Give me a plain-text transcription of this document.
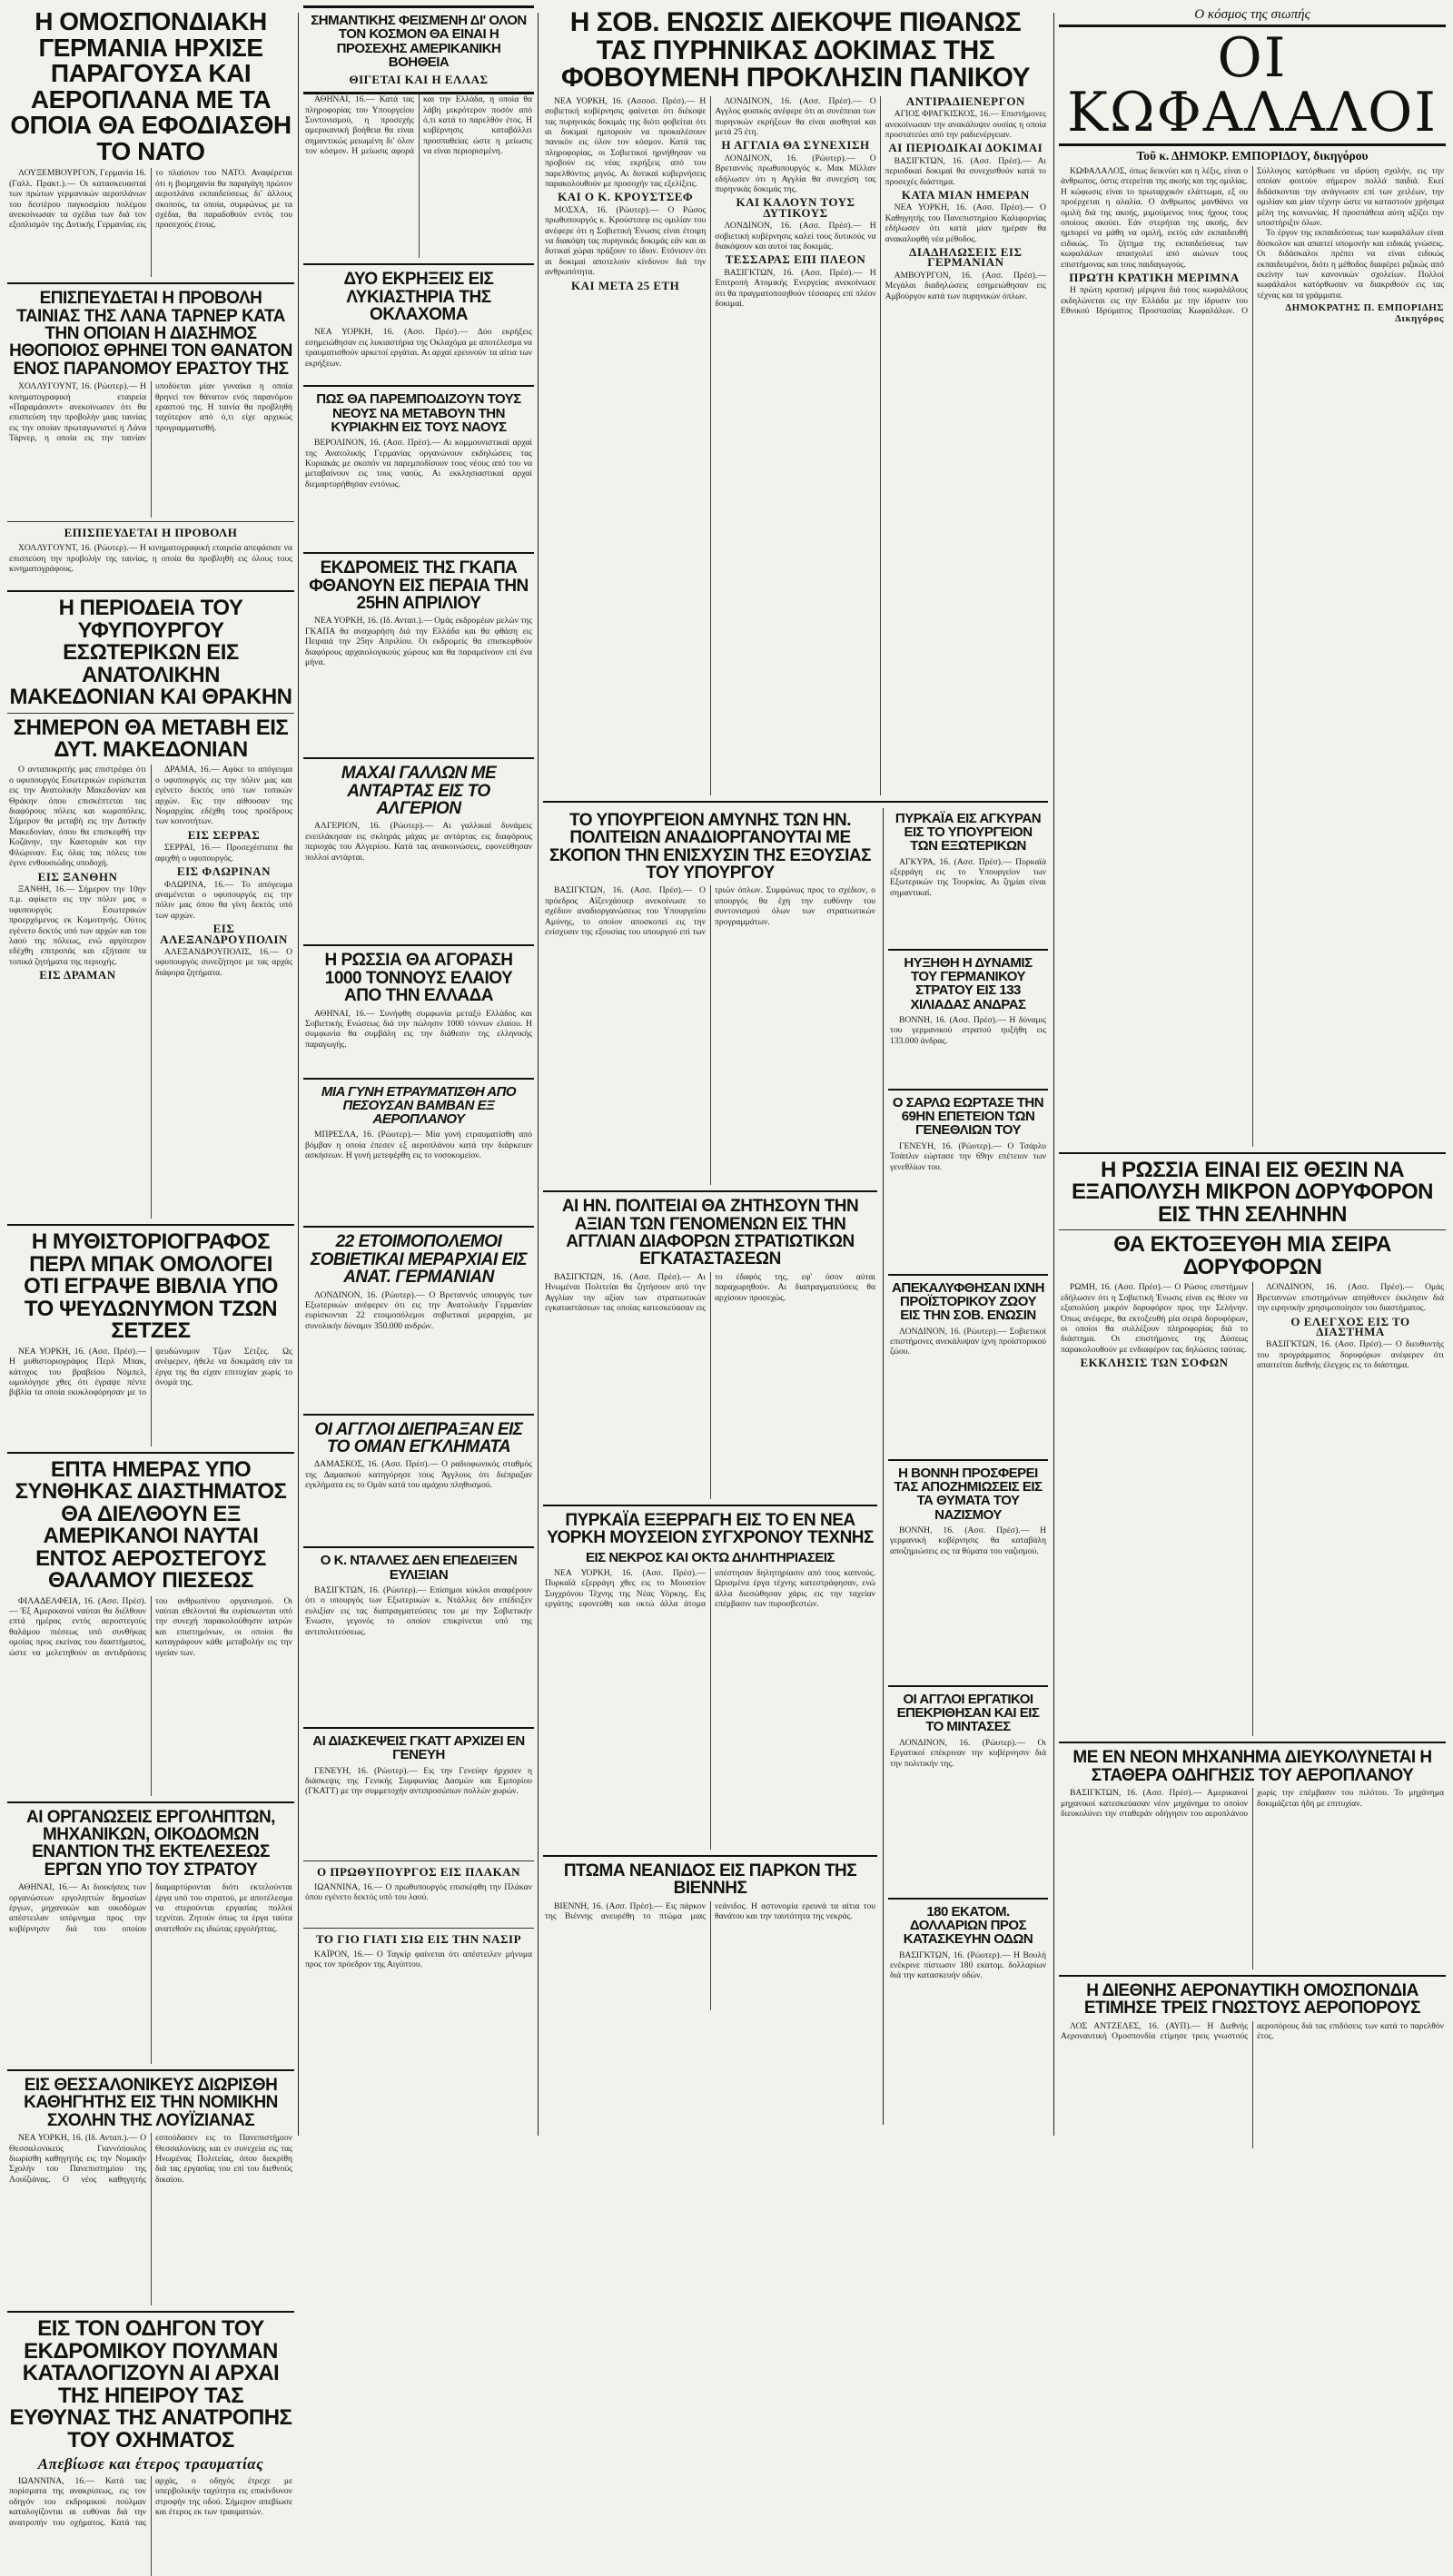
Η ΟΜΟΣΠΟΝΔΙΑΚΗ ΓΕΡΜΑΝΙΑ ΗΡΧΙΣΕ ΠΑΡΑΓΟΥΣΑ ΚΑΙ ΑΕΡΟΠΛΑΝΑ ΜΕ ΤΑ ΟΠΟΙΑ ΘΑ ΕΦΟΔΙΑΣΘΗ ΤΟ ΝΑΤΟ

ΛΟΥΞΕΜΒΟΥΡΓΟΝ, Γερμανία 16. (Γαλλ. Πρακτ.).— Οι κατασκευασταί των πρώτων γερμανικών αεροπλάνων του δευτέρου παγκοσμίου πολέμου ανεκοίνωσαν τα σχέδια των διά τον εξοπλισμόν της Δυτικής Γερμανίας εις το πλαίσιον του ΝΑΤΟ. Αναφέρεται ότι η βιομηχανία θα παραγάγη πρώτον αεροπλάνα εκπαιδεύσεως δι' άλλους σκοπούς, τα οποία, συμφώνως με τα σχέδια, θα παραδοθούν εντός του προσεχούς έτους.

ΕΠΙΣΠΕΥΔΕΤΑΙ Η ΠΡΟΒΟΛΗ ΤΑΙΝΙΑΣ ΤΗΣ ΛΑΝΑ ΤΑΡΝΕΡ ΚΑΤΑ ΤΗΝ ΟΠΟΙΑΝ Η ΔΙΑΣΗΜΟΣ ΗΘΟΠΟΙΟΣ ΘΡΗΝΕΙ ΤΟΝ ΘΑΝΑΤΟΝ ΕΝΟΣ ΠΑΡΑΝΟΜΟΥ ΕΡΑΣΤΟΥ ΤΗΣ

ΧΟΛΛΥΓΟΥΝΤ, 16. (Ρώυτερ).— Η κινηματογραφική εταιρεία «Παραμάουντ» ανεκοίνωσεν ότι θα επισπεύση την προβολήν μιας ταινίας εις την οποίαν πρωταγωνιστεί η Λάνα Τάρνερ, η οποία εις την ταινίαν υποδύεται μίαν γυναίκα η οποία θρηνεί τον θάνατον ενός παρανόμου εραστού της. Η ταινία θα προβληθή ταχύτερον από ό,τι είχε αρχικώς προγραμματισθή.

ΕΠΙΣΠΕΥΔΕΤΑΙ Η ΠΡΟΒΟΛΗ

ΧΟΛΛΥΓΟΥΝΤ, 16. (Ρώυτερ).— Η κινηματογραφική εταιρεία απεφάσισε να επισπεύση την προβολήν της ταινίας, η οποία θα προβληθή εις όλους τους κινηματογράφους.

Η ΠΕΡΙΟΔΕΙΑ ΤΟΥ ΥΦΥΠΟΥΡΓΟΥ ΕΣΩΤΕΡΙΚΩΝ ΕΙΣ ΑΝΑΤΟΛΙΚΗΝ ΜΑΚΕΔΟΝΙΑΝ ΚΑΙ ΘΡΑΚΗΝ
ΣΗΜΕΡΟΝ ΘΑ ΜΕΤΑΒΗ ΕΙΣ ΔΥΤ. ΜΑΚΕΔΟΝΙΑΝ

Ο ανταποκριτής μας επιστρέφει ότι ο υφυπουργός Εσωτερικών ευρίσκεται εις την Ανατολικήν Μακεδονίαν και Θράκην όπου επισκέπτεται τας διαφόρους πόλεις και κωμοπόλεις. Σήμερον θα μεταβή εις την Δυτικήν Μακεδονίαν, όπου θα επισκεφθή την Κοζάνην, την Καστοριάν και την Φλώριναν. Εις όλας τας πόλεις του έγινε ενθουσιώδης υποδοχή.

ΕΙΣ ΞΑΝΘΗΝ

ΞΑΝΘΗ, 16.— Σήμερον την 10ην π.μ. αφίκετο εις την πόλιν μας ο υφυπουργός Εσωτερικών προερχόμενος εκ Κομοτηνής. Ούτος εγένετο δεκτός υπό των αρχών και του λαού της πόλεως, ενώ αργότερον εδέχθη επιτροπάς και εξήτασε τα τοπικά ζητήματα της περιοχής.

ΕΙΣ ΔΡΑΜΑΝ

ΔΡΑΜΑ, 16.— Αφίκε το απόγευμα ο υφυπουργός εις την πόλιν μας και εγένετο δεκτός υπό των τοπικών αρχών. Εις την αίθουσαν της Νομαρχίας εδέχθη τους προέδρους των κοινοτήτων.

ΕΙΣ ΣΕΡΡΑΣ

ΣΕΡΡΑΙ, 16.— Προσεχέστατα θα αφιχθή ο υφυπουργός.

ΕΙΣ ΦΛΩΡΙΝΑΝ

ΦΛΩΡΙΝΑ, 16.— Το απόγευμα αναμένεται ο υφυπουργός εις την πόλιν μας όπου θα γίνη δεκτός υπό των αρχών.

ΕΙΣ ΑΛΕΞΑΝΔΡΟΥΠΟΛΙΝ

ΑΛΕΞΑΝΔΡΟΥΠΟΛΙΣ, 16.— Ο υφυπουργός συνεζήτησε με τας αρχάς διάφορα ζητήματα.

Η ΜΥΘΙΣΤΟΡΙΟΓΡΑΦΟΣ ΠΕΡΛ ΜΠΑΚ ΟΜΟΛΟΓΕΙ ΟΤΙ ΕΓΡΑΨΕ ΒΙΒΛΙΑ ΥΠΟ ΤΟ ΨΕΥΔΩΝΥΜΟΝ ΤΖΩΝ ΣΕΤΖΕΣ

ΝΕΑ ΥΟΡΚΗ, 16. (Ασσ. Πρέσ).— Η μυθιστοριογράφος Περλ Μπακ, κάτοχος του βραβείου Νόμπελ, ωμολόγησε χθες ότι έγραψε πέντε βιβλία τα οποία εκυκλοφόρησαν με το ψευδώνυμον Τζων Σέτζες. Ως ανέφερεν, ήθελε να δοκιμάση εάν τα έργα της θα είχαν επιτυχίαν χωρίς το όνομά της.

ΕΠΤΑ ΗΜΕΡΑΣ ΥΠΟ ΣΥΝΘΗΚΑΣ ΔΙΑΣΤΗΜΑΤΟΣ ΘΑ ΔΙΕΛΘΟΥΝ ΕΞ ΑΜΕΡΙΚΑΝΟΙ ΝΑΥΤΑΙ ΕΝΤΟΣ ΑΕΡΟΣΤΕΓΟΥΣ ΘΑΛΑΜΟΥ ΠΙΕΣΕΩΣ

ΦΙΛΑΔΕΛΦΕΙΑ, 16. (Ασσ. Πρέσ).— Έξ Αμερικανοί ναύται θα διέλθουν επτά ημέρας εντός αεροστεγούς θαλάμου πιέσεως υπό συνθήκας ομοίας προς εκείνας του διαστήματος, ώστε να μελετηθούν αι αντιδράσεις του ανθρωπίνου οργανισμού. Οι ναύται εθελονταί θα ευρίσκωνται υπό την συνεχή παρακολούθησιν ιατρών και επιστημόνων, οι οποίοι θα καταγράφουν κάθε μεταβολήν εις την υγείαν των.

ΑΙ ΟΡΓΑΝΩΣΕΙΣ ΕΡΓΟΛΗΠΤΩΝ, ΜΗΧΑΝΙΚΩΝ, ΟΙΚΟΔΟΜΩΝ ΕΝΑΝΤΙΟΝ ΤΗΣ ΕΚΤΕΛΕΣΕΩΣ ΕΡΓΩΝ ΥΠΟ ΤΟΥ ΣΤΡΑΤΟΥ

ΑΘΗΝΑΙ, 16.— Αι διοικήσεις των οργανώσεων εργοληπτών δημοσίων έργων, μηχανικών και οικοδόμων απέστειλαν υπόμνημα προς την κυβέρνησιν διά του οποίου διαμαρτύρονται διότι εκτελούνται έργα υπό του στρατού, με αποτέλεσμα να στερούνται εργασίας πολλοί τεχνίται. Ζητούν όπως τα έργα ταύτα ανατεθούν εις ιδιώτας εργολήπτας.

ΕΙΣ ΘΕΣΣΑΛΟΝΙΚΕΥΣ ΔΙΩΡΙΣΘΗ ΚΑΘΗΓΗΤΗΣ ΕΙΣ ΤΗΝ ΝΟΜΙΚΗΝ ΣΧΟΛΗΝ ΤΗΣ ΛΟΥΪΖΙΑΝΑΣ

ΝΕΑ ΥΟΡΚΗ, 16. (Ιδ. Ανταπ.).— Ο Θεσσαλονικεύς Γιαννόπουλος διωρίσθη καθηγητής εις την Νομικήν Σχολήν του Πανεπιστημίου της Λουϊζιάνας. Ο νέος καθηγητής εσπούδασεν εις το Πανεπιστήμιον Θεσσαλονίκης και εν συνεχεία εις τας Ηνωμένας Πολιτείας, όπου διεκρίθη διά τας εργασίας του επί του διεθνούς δικαίου.

ΕΙΣ ΤΟΝ ΟΔΗΓΟΝ ΤΟΥ ΕΚΔΡΟΜΙΚΟΥ ΠΟΥΛΜΑΝ ΚΑΤΑΛΟΓΙΖΟΥΝ ΑΙ ΑΡΧΑΙ ΤΗΣ ΗΠΕΙΡΟΥ ΤΑΣ ΕΥΘΥΝΑΣ ΤΗΣ ΑΝΑΤΡΟΠΗΣ ΤΟΥ ΟΧΗΜΑΤΟΣ
Απεβίωσε και έτερος τραυματίας

ΙΩΑΝΝΙΝΑ, 16.— Κατά τας πορίσματα της ανακρίσεως, εις τον οδηγόν του εκδρομικού πούλμαν καταλογίζονται αι ευθύναι διά την ανατροπήν του οχήματος. Κατά τας αρχάς, ο οδηγός έτρεχε με υπερβολικήν ταχύτητα εις επικίνδυνον στροφήν της οδού. Σήμερον απεβίωσε και έτερος εκ των τραυματιών.

ΣΗΜΑΝΤΙΚΗΣ ΦΕΙΣΜΕΝΗ ΔΙ' ΟΛΟΝ ΤΟΝ ΚΟΣΜΟΝ ΘΑ ΕΙΝΑΙ Η ΠΡΟΣΕΧΗΣ ΑΜΕΡΙΚΑΝΙΚΗ ΒΟΗΘΕΙΑ
ΘΙΓΕΤΑΙ ΚΑΙ Η ΕΛΛΑΣ

ΑΘΗΝΑΙ, 16.— Κατά τας πληροφορίας του Υπουργείου Συντονισμού, η προσεχής αμερικανική βοήθεια θα είναι σημαντικώς μειωμένη δι' όλον τον κόσμον. Η μείωσις αφορά και την Ελλάδα, η οποία θα λάβη μικρότερον ποσόν από ό,τι κατά το παρελθόν έτος. Η κυβέρνησις καταβάλλει προσπαθείας ώστε η μείωσις να είναι περιορισμένη.

ΔΥΟ ΕΚΡΗΞΕΙΣ ΕΙΣ ΛΥΚΙΑΣΤΗΡΙΑ ΤΗΣ ΟΚΛΑΧΟΜΑ

ΝΕΑ ΥΟΡΚΗ, 16. (Ασσ. Πρέσ).— Δύο εκρήξεις εσημειώθησαν εις λυκιαστήρια της Οκλαχόμα με αποτέλεσμα να τραυματισθούν αρκετοί εργάται. Αι αρχαί ερευνούν τα αίτια των εκρήξεων.

ΠΩΣ ΘΑ ΠΑΡΕΜΠΟΔΙΖΟΥΝ ΤΟΥΣ ΝΕΟΥΣ ΝΑ ΜΕΤΑΒΟΥΝ ΤΗΝ ΚΥΡΙΑΚΗΝ ΕΙΣ ΤΟΥΣ ΝΑΟΥΣ

ΒΕΡΟΛΙΝΟΝ, 16. (Ασσ. Πρέσ).— Αι κομμουνιστικαί αρχαί της Ανατολικής Γερμανίας οργανώνουν εκδηλώσεις τας Κυριακάς με σκοπόν να παρεμποδίσουν τους νέους από του να μεταβαίνουν εις τους ναούς. Αι εκκλησιαστικαί αρχαί διεμαρτυρήθησαν εντόνως.

ΕΚΔΡΟΜΕΙΣ ΤΗΣ ΓΚΑΠΑ ΦΘΑΝΟΥΝ ΕΙΣ ΠΕΡΑΙΑ ΤΗΝ 25ΗΝ ΑΠΡΙΛΙΟΥ

ΝΕΑ ΥΟΡΚΗ, 16. (Ιδ. Ανταπ.).— Ομάς εκδρομέων μελών της ΓΚΑΠΑ θα αναχωρήση διά την Ελλάδα και θα φθάση εις Πειραιά την 25ην Απριλίου. Οι εκδρομείς θα επισκεφθούν διαφόρους αρχαιολογικούς χώρους και θα παραμείνουν επί ένα μήνα.

ΜΑΧΑΙ ΓΑΛΛΩΝ ΜΕ ΑΝΤΑΡΤΑΣ ΕΙΣ ΤΟ ΑΛΓΕΡΙΟΝ

ΑΛΓΕΡΙΟΝ, 16. (Ρώυτερ).— Αι γαλλικαί δυνάμεις ενεπλάκησαν εις σκληράς μάχας με αντάρτας εις διαφόρους περιοχάς του Αλγερίου. Κατά τας ανακοινώσεις, εφονεύθησαν πολλοί αντάρται.

Η ΡΩΣΣΙΑ ΘΑ ΑΓΟΡΑΣΗ 1000 ΤΟΝΝΟΥΣ ΕΛΑΙΟΥ ΑΠΟ ΤΗΝ ΕΛΛΑΔΑ

ΑΘΗΝΑΙ, 16.— Συνήφθη συμφωνία μεταξύ Ελλάδος και Σοβιετικής Ενώσεως διά την πώλησιν 1000 τόννων ελαίου. Η συμφωνία θα συμβάλη εις την διάθεσιν της ελληνικής παραγωγής.

ΜΙΑ ΓΥΝΗ ΕΤΡΑΥΜΑΤΙΣΘΗ ΑΠΟ ΠΕΣΟΥΣΑΝ ΒΑΜΒΑΝ ΕΞ ΑΕΡΟΠΛΑΝΟΥ

ΜΠΡΕΣΛΑ, 16. (Ρώυτερ).— Μία γυνή ετραυματίσθη από βόμβαν η οποία έπεσεν εξ αεροπλάνου κατά την διάρκειαν ασκήσεων. Η γυνή μετεφέρθη εις το νοσοκομείον.

22 ΕΤΟΙΜΟΠΟΛΕΜΟΙ ΣΟΒΙΕΤΙΚΑΙ ΜΕΡΑΡΧΙΑΙ ΕΙΣ ΑΝΑΤ. ΓΕΡΜΑΝΙΑΝ

ΛΟΝΔΙΝΟΝ, 16. (Ρώυτερ).— Ο Βρεταννός υπουργός των Εξωτερικών ανέφερεν ότι εις την Ανατολικήν Γερμανίαν ευρίσκονται 22 ετοιμοπόλεμοι σοβιετικαί μεραρχίαι, με συνολικήν δύναμιν 350.000 ανδρών.

ΟΙ ΑΓΓΛΟΙ ΔΙΕΠΡΑΞΑΝ ΕΙΣ ΤΟ ΟΜΑΝ ΕΓΚΛΗΜΑΤΑ

ΔΑΜΑΣΚΟΣ, 16. (Ασσ. Πρέσ).— Ο ραδιοφωνικός σταθμός της Δαμασκού κατηγόρησε τους Άγγλους ότι διέπραξαν εγκλήματα εις το Ομάν κατά του αμάχου πληθυσμού.

Ο Κ. ΝΤΑΛΛΕΣ ΔΕΝ ΕΠΕΔΕΙΞΕΝ ΕΥΛΙΞΙΑΝ

ΒΑΣΙΓΚΤΩΝ, 16. (Ρώυτερ).— Επίσημοι κύκλοι αναφέρουν ότι ο υπουργός των Εξωτερικών κ. Ντάλλες δεν επέδειξεν ευλιξίαν εις τας διαπραγματεύσεις του με την Σοβιετικήν Ένωσιν, γεγονός το οποίον επικρίνεται υπό της αντιπολιτεύσεως.

ΑΙ ΔΙΑΣΚΕΨΕΙΣ ΓΚΑΤΤ ΑΡΧΙΖΕΙ ΕΝ ΓΕΝΕΥΗ

ΓΕΝΕΥΗ, 16. (Ρώυτερ).— Εις την Γενεύην ήρχισεν η διάσκεψις της Γενικής Συμφωνίας Δασμών και Εμπορίου (ΓΚΑΤΤ) με την συμμετοχήν αντιπροσώπων πολλών χωρών.

Ο ΠΡΩΘΥΠΟΥΡΓΟΣ ΕΙΣ ΠΛΑΚΑΝ

ΙΩΑΝΝΙΝΑ, 16.— Ο πρωθυπουργός επισκέφθη την Πλάκαν όπου εγένετο δεκτός υπό του λαού.

ΤΟ ΓΙΟ ΓΙΑΤΙ ΣΙΩ ΕΙΣ ΤΗΝ ΝΑΣΙΡ

ΚΑΪΡΟΝ, 16.— Ο Ταγκίρ φαίνεται ότι απέστειλεν μήνυμα προς τον πρόεδρον της Αιγύπτου.

Η ΣΟΒ. ΕΝΩΣΙΣ ΔΙΕΚΟΨΕ ΠΙΘΑΝΩΣ ΤΑΣ ΠΥΡΗΝΙΚΑΣ ΔΟΚΙΜΑΣ ΤΗΣ ΦΟΒΟΥΜΕΝΗ ΠΡΟΚΛΗΣΙΝ ΠΑΝΙΚΟΥ

ΝΕΑ ΥΟΡΚΗ, 16. (Ασσοσ. Πρέσ).— Η σοβιετική κυβέρνησις φαίνεται ότι διέκοψε τας πυρηνικάς δοκιμάς της διότι φοβείται ότι αι δοκιμαί ημπορούν να προκαλέσουν πανικόν εις όλον τον κόσμον. Κατά τας πληροφορίας, οι Σοβιετικοί ηρνήθησαν να προβούν εις νέας εκρήξεις από του παρελθόντος μηνός. Αι δυτικαί κυβερνήσεις παρακολουθούν με προσοχήν τας εξελίξεις.

ΚΑΙ Ο Κ. ΚΡΟΥΣΤΣΕΦ

ΜΟΣΧΑ, 16. (Ρώυτερ).— Ο Ρώσος πρωθυπουργός κ. Κρούστσεφ εις ομιλίαν του ανέφερε ότι η Σοβιετική Ένωσις είναι έτοιμη να διακόψη τας πυρηνικάς δοκιμάς εάν και αι δυτικαί χώραι πράξουν το ίδιον. Ετόνισεν ότι αι δοκιμαί αποτελούν κίνδυνον διά την ανθρωπότητα.

ΚΑΙ ΜΕΤΑ 25 ΕΤΗ

ΛΟΝΔΙΝΟΝ, 16. (Ασσ. Πρέσ).— Ο Αγγλος φυσικός ανέφερε ότι αι συνέπειαι των πυρηνικών εκρήξεων θα είναι αισθηταί και μετά 25 έτη.

Η ΑΓΓΛΙΑ ΘΑ ΣΥΝΕΧΙΣΗ

ΛΟΝΔΙΝΟΝ, 16. (Ρώυτερ).— Ο Βρεταννός πρωθυπουργός κ. Μακ Μίλλαν εδήλωσεν ότι η Αγγλία θα συνεχίση τας πυρηνικάς δοκιμάς της.

ΚΑΙ ΚΑΛΟΥΝ ΤΟΥΣ ΔΥΤΙΚΟΥΣ

ΛΟΝΔΙΝΟΝ, 16. (Ασσ. Πρέσ).— Η σοβιετική κυβέρνησις καλεί τους δυτικούς να διακόψουν και αυτοί τας δοκιμάς.

ΤΕΣΣΑΡΑΣ ΕΠΙ ΠΛΕΟΝ

ΒΑΣΙΓΚΤΩΝ, 16. (Ασσ. Πρέσ).— Η Επιτροπή Ατομικής Ενεργείας ανεκοίνωσε ότι θα πραγματοποιηθούν τέσσαρες επί πλέον δοκιμαί.

ΑΝΤΙΡΑΔΙΕΝΕΡΓΟΝ

ΑΓΙΟΣ ΦΡΑΓΚΙΣΚΟΣ, 16.— Επιστήμονες ανεκοίνωσαν την ανακάλυψιν ουσίας η οποία προστατεύει από την ραδιενέργειαν.

ΑΙ ΠΕΡΙΟΔΙΚΑΙ ΔΟΚΙΜΑΙ

ΒΑΣΙΓΚΤΩΝ, 16. (Ασσ. Πρέσ).— Αι περιοδικαί δοκιμαί θα συνεχισθούν κατά το προσεχές διάστημα.

ΚΑΤΑ ΜΙΑΝ ΗΜΕΡΑΝ

ΝΕΑ ΥΟΡΚΗ, 16. (Ασσ. Πρέσ).— Ο Καθηγητής του Πανεπιστημίου Καλιφορνίας εδήλωσεν ότι κατά μίαν ημέραν θα ανακαλυφθή νέα μέθοδος.

ΔΙΑΔΗΛΩΣΕΙΣ ΕΙΣ ΓΕΡΜΑΝΙΑΝ

ΑΜΒΟΥΡΓΟΝ, 16. (Ασσ. Πρέσ).— Μεγάλαι διαδηλώσεις εσημειώθησαν εις Αμβούργον κατά των πυρηνικών όπλων.

ΤΟ ΥΠΟΥΡΓΕΙΟΝ ΑΜΥΝΗΣ ΤΩΝ ΗΝ. ΠΟΛΙΤΕΙΩΝ ΑΝΑΔΙΟΡΓΑΝΟΥΤΑΙ ΜΕ ΣΚΟΠΟΝ ΤΗΝ ΕΝΙΣΧΥΣΙΝ ΤΗΣ ΕΞΟΥΣΙΑΣ ΤΟΥ ΥΠΟΥΡΓΟΥ

ΒΑΣΙΓΚΤΩΝ, 16. (Ασσ. Πρέσ).— Ο πρόεδρος Αϊζενχάουερ ανεκοίνωσε το σχέδιον αναδιοργανώσεως του Υπουργείου Αμύνης, το οποίον αποσκοπεί εις την ενίσχυσιν της εξουσίας του υπουργού επί των τριών όπλων. Συμφώνως προς το σχέδιον, ο υπουργός θα έχη την ευθύνην του συντονισμού όλων των στρατιωτικών προγραμμάτων.

ΑΙ ΗΝ. ΠΟΛΙΤΕΙΑΙ ΘΑ ΖΗΤΗΣΟΥΝ ΤΗΝ ΑΞΙΑΝ ΤΩΝ ΓΕΝΟΜΕΝΩΝ ΕΙΣ ΤΗΝ ΑΓΓΛΙΑΝ ΔΙΑΦΟΡΩΝ ΣΤΡΑΤΙΩΤΙΚΩΝ ΕΓΚΑΤΑΣΤΑΣΕΩΝ

ΒΑΣΙΓΚΤΩΝ, 16. (Ασσ. Πρέσ).— Αι Ηνωμέναι Πολιτείαι θα ζητήσουν από την Αγγλίαν την αξίαν των στρατιωτικών εγκαταστάσεων τας οποίας κατεσκεύασαν εις το έδαφός της, εφ' όσον αύται παραχωρηθούν. Αι διαπραγματεύσεις θα αρχίσουν προσεχώς.

ΠΥΡΚΑΪΑ ΕΞΕΡΡΑΓΗ ΕΙΣ ΤΟ ΕΝ ΝΕΑ ΥΟΡΚΗ ΜΟΥΣΕΙΟΝ ΣΥΓΧΡΟΝΟΥ ΤΕΧΝΗΣ
ΕΙΣ ΝΕΚΡΟΣ ΚΑΙ ΟΚΤΩ ΔΗΛΗΤΗΡΙΑΣΕΙΣ

ΝΕΑ ΥΟΡΚΗ, 16. (Ασσ. Πρέσ).— Πυρκαϊά εξερράγη χθες εις το Μουσείον Συγχρόνου Τέχνης της Νέας Υόρκης. Εις εργάτης εφονεύθη και οκτώ άλλα άτομα υπέστησαν δηλητηρίασιν από τους καπνούς. Ωρισμένα έργα τέχνης κατεστράφησαν, ενώ άλλα διεσώθησαν χάρις εις την ταχείαν επέμβασιν των πυροσβεστών.

ΠΤΩΜΑ ΝΕΑΝΙΔΟΣ ΕΙΣ ΠΑΡΚΟΝ ΤΗΣ ΒΙΕΝΝΗΣ

ΒΙΕΝΝΗ, 16. (Ασσ. Πρέσ).— Εις πάρκον της Βιέννης ανευρέθη το πτώμα μιας νεάνιδος. Η αστυνομία ερευνά τα αίτια του θανάτου και την ταυτότητα της νεκράς.

ΠΥΡΚΑΪΑ ΕΙΣ ΑΓΚΥΡΑΝ ΕΙΣ ΤΟ ΥΠΟΥΡΓΕΙΟΝ ΤΩΝ ΕΞΩΤΕΡΙΚΩΝ

ΑΓΚΥΡΑ, 16. (Ασσ. Πρέσ).— Πυρκαϊά εξερράγη εις το Υπουργείον των Εξωτερικών της Τουρκίας. Αι ζημίαι είναι σημαντικαί.

ΗΥΞΗΘΗ Η ΔΥΝΑΜΙΣ ΤΟΥ ΓΕΡΜΑΝΙΚΟΥ ΣΤΡΑΤΟΥ ΕΙΣ 133 ΧΙΛΙΑΔΑΣ ΑΝΔΡΑΣ

ΒΟΝΝΗ, 16. (Ασσ. Πρέσ).— Η δύναμις του γερμανικού στρατού ηυξήθη εις 133.000 άνδρας.

Ο ΣΑΡΛΩ ΕΩΡΤΑΣΕ ΤΗΝ 69ΗΝ ΕΠΕΤΕΙΟΝ ΤΩΝ ΓΕΝΕΘΛΙΩΝ ΤΟΥ

ΓΕΝΕΥΗ, 16. (Ρώυτερ).— Ο Τσάρλυ Τσάπλιν εώρτασε την 69ην επέτειον των γενεθλίων του.

ΑΠΕΚΑΛΥΦΘΗΣΑΝ ΙΧΝΗ ΠΡΟΪΣΤΟΡΙΚΟΥ ΖΩΟΥ ΕΙΣ ΤΗΝ ΣΟΒ. ΕΝΩΣΙΝ

ΛΟΝΔΙΝΟΝ, 16. (Ρώυτερ).— Σοβιετικοί επιστήμονες ανεκάλυψαν ίχνη προϊστορικού ζώου.

Η ΒΟΝΝΗ ΠΡΟΣΦΕΡΕΙ ΤΑΣ ΑΠΟΖΗΜΙΩΣΕΙΣ ΕΙΣ ΤΑ ΘΥΜΑΤΑ ΤΟΥ ΝΑΖΙΣΜΟΥ

ΒΟΝΝΗ, 16. (Ασσ. Πρέσ).— Η γερμανική κυβέρνησις θα καταβάλη αποζημιώσεις εις τα θύματα του ναζισμού.

ΟΙ ΑΓΓΛΟΙ ΕΡΓΑΤΙΚΟΙ ΕΠΕΚΡΙΘΗΣΑΝ ΚΑΙ ΕΙΣ ΤΟ ΜΙΝΤΑΣΕΣ

ΛΟΝΔΙΝΟΝ, 16. (Ρώυτερ).— Οι Εργατικοί επέκριναν την κυβέρνησιν διά την πολιτικήν της.

180 ΕΚΑΤΟΜ. ΔΟΛΛΑΡΙΩΝ ΠΡΟΣ ΚΑΤΑΣΚΕΥΗΝ ΟΔΩΝ

ΒΑΣΙΓΚΤΩΝ, 16. (Ρώυτερ).— Η Βουλή ενέκρινε πίστωσιν 180 εκατομ. δολλαρίων διά την κατασκευήν οδών.

Ο κόσμος της σιωπής
ΟΙ ΚΩΦΑΛΑΛΟΙ
Τοῦ κ. ΔΗΜΟΚΡ. ΕΜΠΟΡΙΔΟΥ, δικηγόρου

ΚΩΦΑΛΑΛΟΣ, όπως δεικνύει και η λέξις, είναι ο άνθρωπος, όστις στερείται της ακοής και της ομιλίας. Η κώφωσις είναι το πρωταρχικόν ελάττωμα, εξ ου προέρχεται η αλαλία. Ο άνθρωπος μανθάνει να ομιλή διά της ακοής, μιμούμενος τους ήχους τους οποίους ακούει. Εάν στερήται της ακοής, δεν ημπορεί να μάθη να ομιλή, εκτός εάν εκπαιδευθή ειδικώς. Το ζήτημα της εκπαιδεύσεως των κωφαλάλων απασχολεί από αιώνων τους επιστήμονας και τους παιδαγωγούς.

ΠΡΩΤΗ ΚΡΑΤΙΚΗ ΜΕΡΙΜΝΑ

Η πρώτη κρατική μέριμνα διά τους κωφαλάλους εκδηλώνεται εις την Ελλάδα με την ίδρυσιν του Εθνικού Ιδρύματος Προστασίας Κωφαλάλων. Ο Σύλλογος κατόρθωσε να ιδρύση σχολήν, εις την οποίαν φοιτούν σήμερον πολλά παιδιά. Εκεί διδάσκονται την ανάγνωσιν επί των χειλέων, την ομιλίαν και μίαν τέχνην ώστε να καταστούν χρήσιμα μέλη της κοινωνίας. Η προσπάθεια αύτη αξίζει την υποστήριξιν όλων.

Το έργον της εκπαιδεύσεως των κωφαλάλων είναι δύσκολον και απαιτεί υπομονήν και ειδικάς γνώσεις. Οι διδάσκαλοι πρέπει να είναι ειδικώς εκπαιδευμένοι, διότι η μέθοδος διαφέρει ριζικώς από εκείνην των κανονικών σχολείων. Πολλοί κωφάλαλοι κατόρθωσαν να διακριθούν εις τας τέχνας και τα γράμματα.

ΔΗΜΟΚΡΑΤΗΣ Π. ΕΜΠΟΡΙΔΗΣ Δικηγόρος
Η ΡΩΣΣΙΑ ΕΙΝΑΙ ΕΙΣ ΘΕΣΙΝ ΝΑ ΕΞΑΠΟΛΥΣΗ ΜΙΚΡΟΝ ΔΟΡΥΦΟΡΟΝ ΕΙΣ ΤΗΝ ΣΕΛΗΝΗΝ
ΘΑ ΕΚΤΟΞΕΥΘΗ ΜΙΑ ΣΕΙΡΑ ΔΟΡΥΦΟΡΩΝ

ΡΩΜΗ, 16. (Ασσ. Πρέσ).— Ο Ρώσος επιστήμων εδήλωσεν ότι η Σοβιετική Ένωσις είναι εις θέσιν να εξαπολύση μικρόν δορυφόρον προς την Σελήνην. Όπως ανέφερε, θα εκτοξευθή μία σειρά δορυφόρων, οι οποίοι θα συλλέξουν πληροφορίας διά το διάστημα. Οι επιστήμονες της Δύσεως παρακολουθούν με ενδιαφέρον τας δηλώσεις ταύτας.

ΕΚΚΛΗΣΙΣ ΤΩΝ ΣΟΦΩΝ

ΛΟΝΔΙΝΟΝ, 16. (Ασσ. Πρέσ).— Ομάς Βρεταννών επιστημόνων απηύθυνεν έκκλησιν διά την ειρηνικήν χρησιμοποίησιν του διαστήματος.

Ο ΕΛΕΓΧΟΣ ΕΙΣ ΤΟ ΔΙΑΣΤΗΜΑ

ΒΑΣΙΓΚΤΩΝ, 16. (Ασσ. Πρέσ).— Ο διευθυντής του προγράμματος δορυφόρων ανέφερεν ότι απαιτείται διεθνής έλεγχος εις το διάστημα.

ΜΕ ΕΝ ΝΕΟΝ ΜΗΧΑΝΗΜΑ ΔΙΕΥΚΟΛΥΝΕΤΑΙ Η ΣΤΑΘΕΡΑ ΟΔΗΓΗΣΙΣ ΤΟΥ ΑΕΡΟΠΛΑΝΟΥ

ΒΑΣΙΓΚΤΩΝ, 16. (Ασσ. Πρέσ).— Αμερικανοί μηχανικοί κατεσκεύασαν νέον μηχάνημα το οποίον διευκολύνει την σταθεράν οδήγησιν του αεροπλάνου χωρίς την επέμβασιν του πιλότου. Το μηχάνημα δοκιμάζεται ήδη με επιτυχίαν.

Η ΔΙΕΘΝΗΣ ΑΕΡΟΝΑΥΤΙΚΗ ΟΜΟΣΠΟΝΔΙΑ ΕΤΙΜΗΣΕ ΤΡΕΙΣ ΓΝΩΣΤΟΥΣ ΑΕΡΟΠΟΡΟΥΣ

ΛΟΣ ΑΝΤΖΕΛΕΣ, 16. (ΑΥΠ).— Η Διεθνής Αεροναυτική Ομοσπονδία ετίμησε τρεις γνωστούς αεροπόρους διά τας επιδόσεις των κατά το παρελθόν έτος.
